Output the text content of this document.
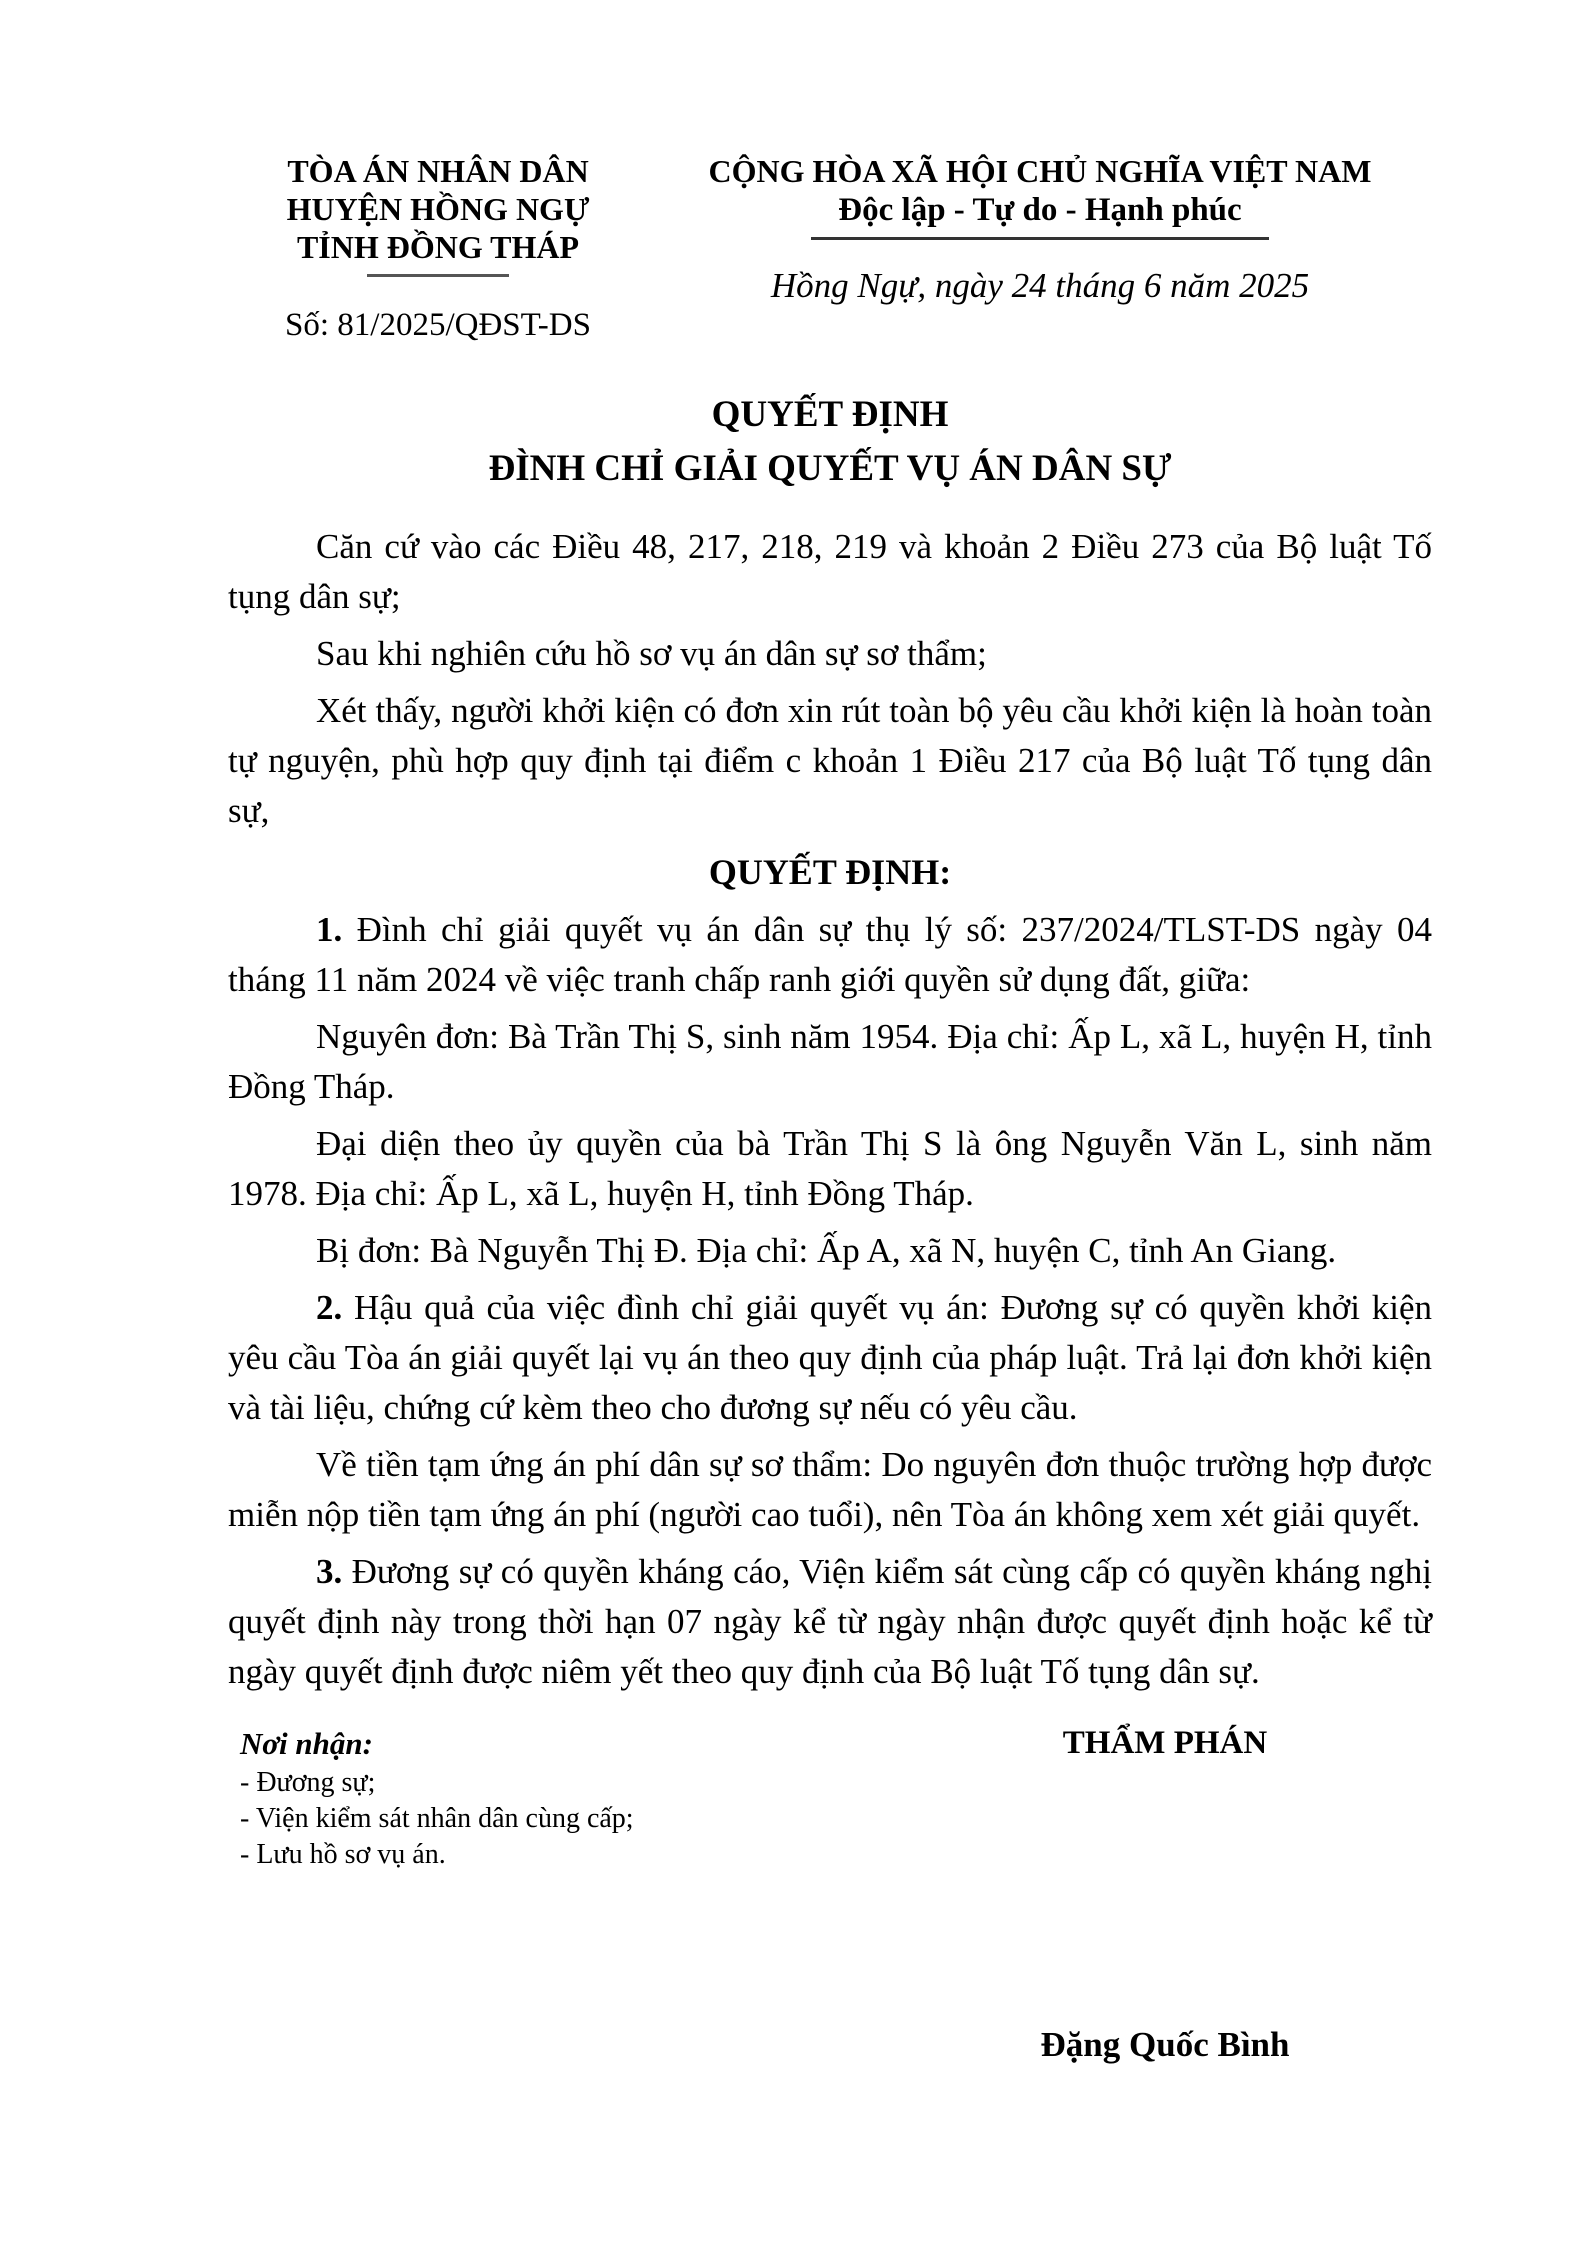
TÒA ÁN NHÂN DÂN
HUYỆN HỒNG NGỰ
TỈNH ĐỒNG THÁP
Số: 81/2025/QĐST-DS
CỘNG HÒA XÃ HỘI CHỦ NGHĨA VIỆT NAM
Độc lập - Tự do - Hạnh phúc
Hồng Ngự, ngày 24 tháng 6 năm 2025
QUYẾT ĐỊNH
ĐÌNH CHỈ GIẢI QUYẾT VỤ ÁN DÂN SỰ

Căn cứ vào các Điều 48, 217, 218, 219 và khoản 2 Điều 273 của Bộ luật Tố tụng dân sự;

Sau khi nghiên cứu hồ sơ vụ án dân sự sơ thẩm;

Xét thấy, người khởi kiện có đơn xin rút toàn bộ yêu cầu khởi kiện là hoàn toàn tự nguyện, phù hợp quy định tại điểm c khoản 1 Điều 217 của Bộ luật Tố tụng dân sự,

QUYẾT ĐỊNH:

1. Đình chỉ giải quyết vụ án dân sự thụ lý số: 237/2024/TLST-DS ngày 04 tháng 11 năm 2024 về việc tranh chấp ranh giới quyền sử dụng đất, giữa:

Nguyên đơn: Bà Trần Thị S, sinh năm 1954. Địa chỉ: Ấp L, xã L, huyện H, tỉnh Đồng Tháp.

Đại diện theo ủy quyền của bà Trần Thị S là ông Nguyễn Văn L, sinh năm 1978. Địa chỉ: Ấp L, xã L, huyện H, tỉnh Đồng Tháp.

Bị đơn: Bà Nguyễn Thị Đ. Địa chỉ: Ấp A, xã N, huyện C, tỉnh An Giang.

2. Hậu quả của việc đình chỉ giải quyết vụ án: Đương sự có quyền khởi kiện yêu cầu Tòa án giải quyết lại vụ án theo quy định của pháp luật. Trả lại đơn khởi kiện và tài liệu, chứng cứ kèm theo cho đương sự nếu có yêu cầu.

Về tiền tạm ứng án phí dân sự sơ thẩm: Do nguyên đơn thuộc trường hợp được miễn nộp tiền tạm ứng án phí (người cao tuổi), nên Tòa án không xem xét giải quyết.

3. Đương sự có quyền kháng cáo, Viện kiểm sát cùng cấp có quyền kháng nghị quyết định này trong thời hạn 07 ngày kể từ ngày nhận được quyết định hoặc kể từ ngày quyết định được niêm yết theo quy định của Bộ luật Tố tụng dân sự.

Nơi nhận:
- Đương sự;
- Viện kiểm sát nhân dân cùng cấp;
- Lưu hồ sơ vụ án.
THẨM PHÁN
Đặng Quốc Bình
